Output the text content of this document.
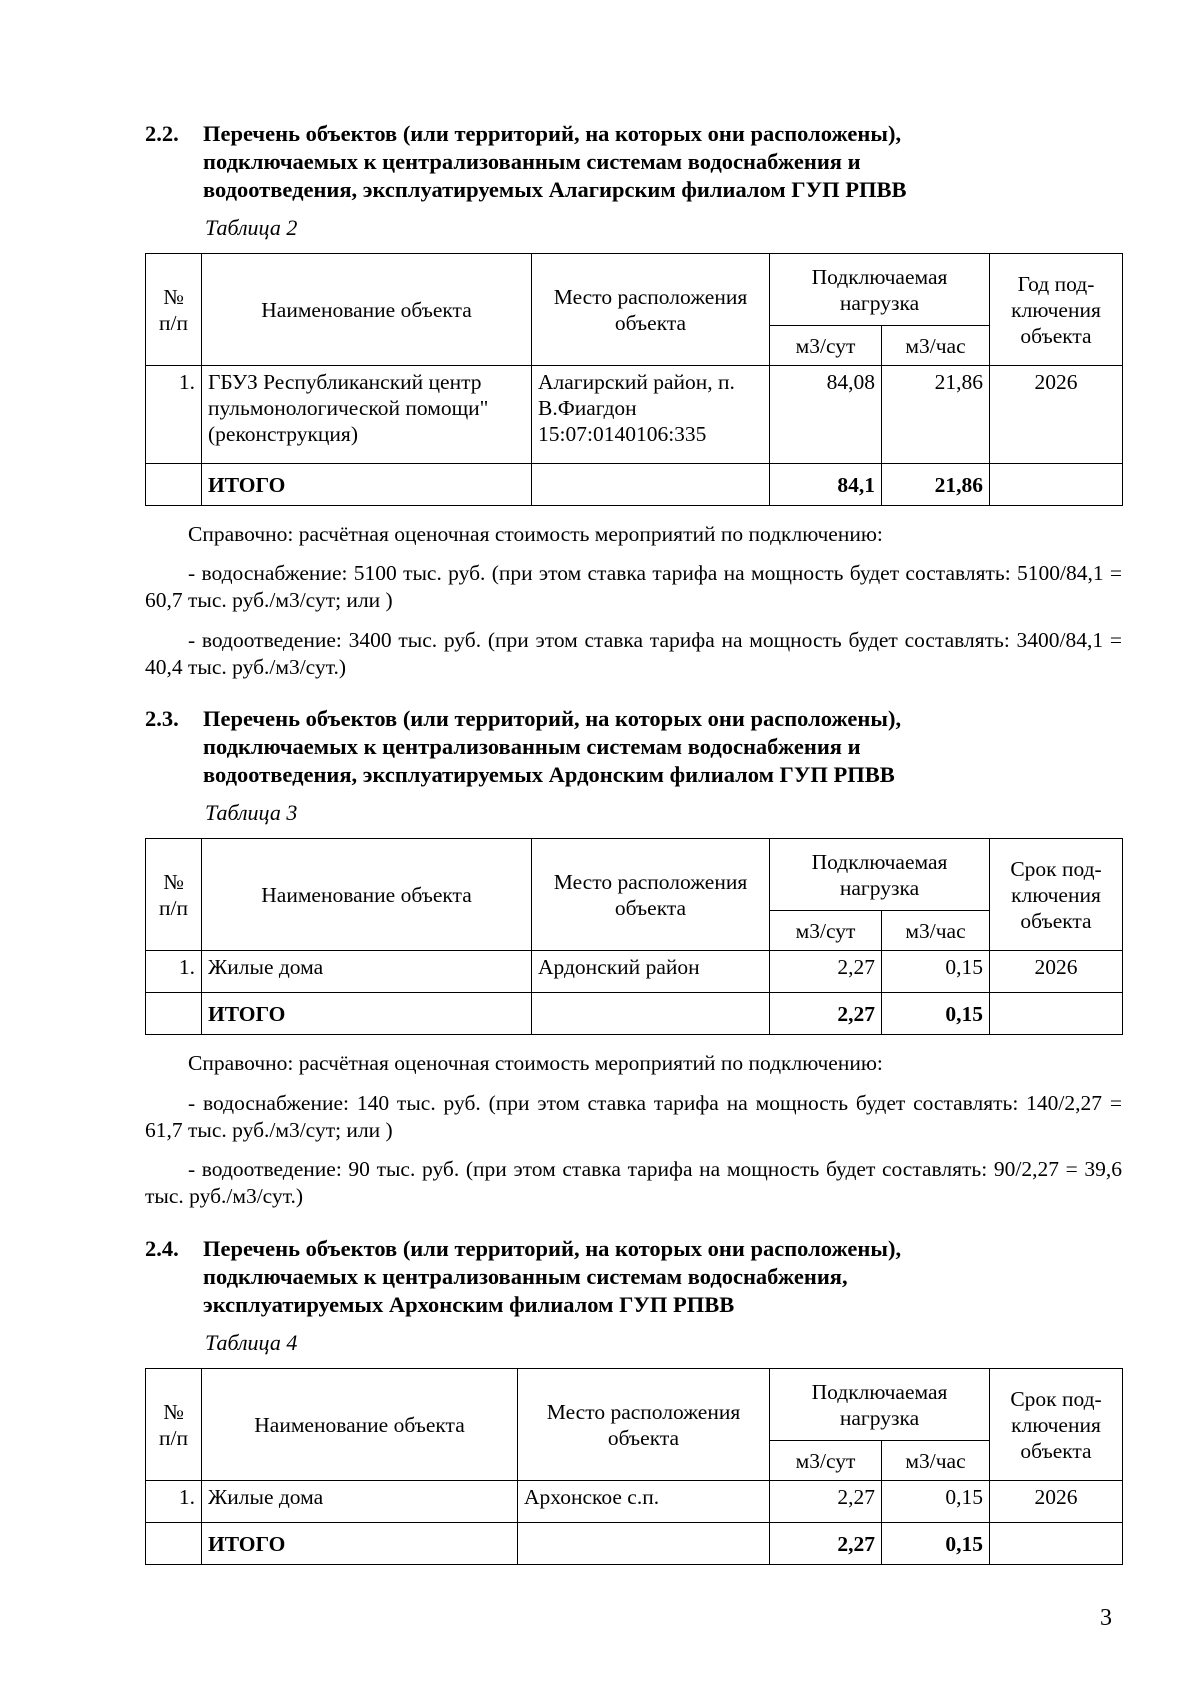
2.2.	Перечень объектов (или территорий, на которых они расположены),
подключаемых к централизованным системам водоснабжения и
водоотведения, эксплуатируемых Алагирским филиалом ГУП РПВВ
Таблица 2
№ п/п	Наименование объекта	Место расположения объекта	Подключаемая нагрузка		Год под-ключения объекта
			м3/сут	м3/час	
1.	ГБУЗ Республиканский центр пульмонологической помощи" (реконструкция)	Алагирский район, п. В.Фиагдон 15:07:0140106:335	84,08	21,86	2026
	ИТОГО		84,1	21,86	
Справочно: расчётная оценочная стоимость мероприятий по подключению:
- водоснабжение: 5100 тыс. руб. (при этом ставка тарифа на мощность будет составлять: 5100/84,1 = 60,7 тыс. руб./м3/сут; или )
- водоотведение: 3400 тыс. руб. (при этом ставка тарифа на мощность будет составлять: 3400/84,1 = 40,4 тыс. руб./м3/сут.)
2.3.	Перечень объектов (или территорий, на которых они расположены),
подключаемых к централизованным системам водоснабжения и
водоотведения, эксплуатируемых Ардонским филиалом ГУП РПВВ
Таблица 3
№ п/п	Наименование объекта	Место расположения объекта	Подключаемая нагрузка		Срок под-ключения объекта
			м3/сут	м3/час	
1.	Жилые дома	Ардонский район	2,27	0,15	2026
	ИТОГО		2,27	0,15	
Справочно: расчётная оценочная стоимость мероприятий по подключению:
- водоснабжение: 140 тыс. руб. (при этом ставка тарифа на мощность будет составлять: 140/2,27 = 61,7 тыс. руб./м3/сут; или )
- водоотведение: 90 тыс. руб. (при этом ставка тарифа на мощность будет составлять: 90/2,27 = 39,6 тыс. руб./м3/сут.)
2.4.	Перечень объектов (или территорий, на которых они расположены),
подключаемых к централизованным системам водоснабжения,
эксплуатируемых Архонским филиалом ГУП РПВВ
Таблица 4
№ п/п	Наименование объекта	Место расположения объекта	Подключаемая нагрузка		Срок под-ключения объекта
			м3/сут	м3/час	
1.	Жилые дома	Архонское с.п.	2,27	0,15	2026
	ИТОГО		2,27	0,15	
3
